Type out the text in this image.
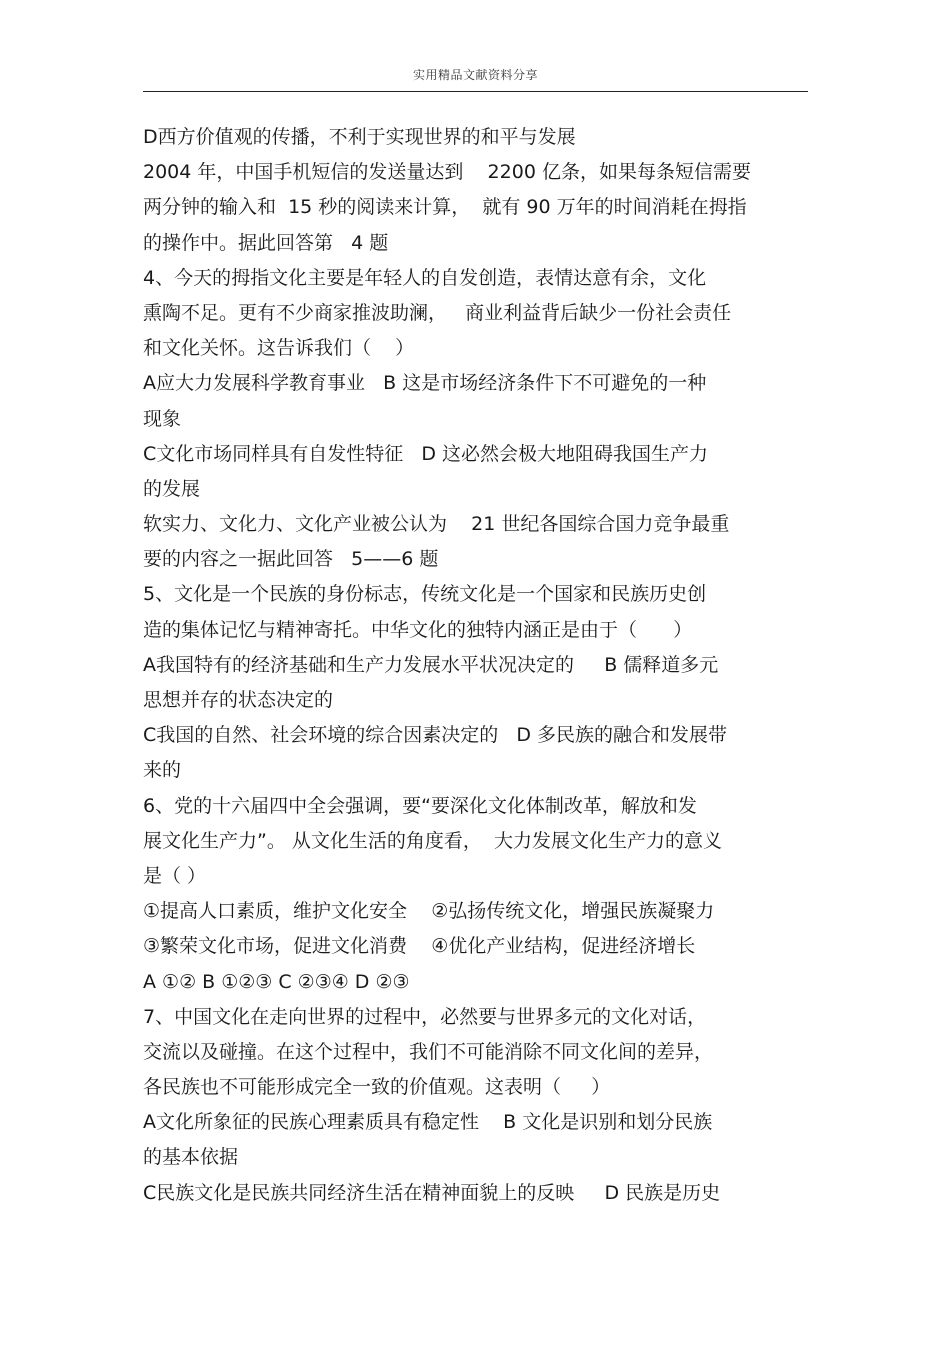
实用精品文献资料分享
D西方价值观的传播，不利于实现世界的和平与发展
2004 年，中国手机短信的发送量达到    2200 亿条，如果每条短信需要
两分钟的输入和  15 秒的阅读来计算，  就有 90 万年的时间消耗在拇指
的操作中。据此回答第   4 题
4、今天的拇指文化主要是年轻人的自发创造，表情达意有余，文化
熏陶不足。更有不少商家推波助澜，   商业利益背后缺少一份社会责任
和文化关怀。这告诉我们（    ）
A应大力发展科学教育事业   B 这是市场经济条件下不可避免的一种
现象
C文化市场同样具有自发性特征   D 这必然会极大地阻碍我国生产力
的发展
软实力、文化力、文化产业被公认为    21 世纪各国综合国力竞争最重
要的内容之一据此回答   5——6 题
5、文化是一个民族的身份标志，传统文化是一个国家和民族历史创
造的集体记忆与精神寄托。中华文化的独特内涵正是由于（      ）
A我国特有的经济基础和生产力发展水平状况决定的     B 儒释道多元
思想并存的状态决定的
C我国的自然、社会环境的综合因素决定的   D 多民族的融合和发展带
来的
6、党的十六届四中全会强调，要“要深化文化体制改革，解放和发
展文化生产力”。 从文化生活的角度看，  大力发展文化生产力的意义
是（ ）
①提高人口素质，维护文化安全    ②弘扬传统文化，增强民族凝聚力
③繁荣文化市场，促进文化消费    ④优化产业结构，促进经济增长
A ①② B ①②③ C ②③④ D ②③
7、中国文化在走向世界的过程中，必然要与世界多元的文化对话，
交流以及碰撞。在这个过程中，我们不可能消除不同文化间的差异，
各民族也不可能形成完全一致的价值观。这表明（     ）
A文化所象征的民族心理素质具有稳定性    B 文化是识别和划分民族
的基本依据
C民族文化是民族共同经济生活在精神面貌上的反映     D 民族是历史
